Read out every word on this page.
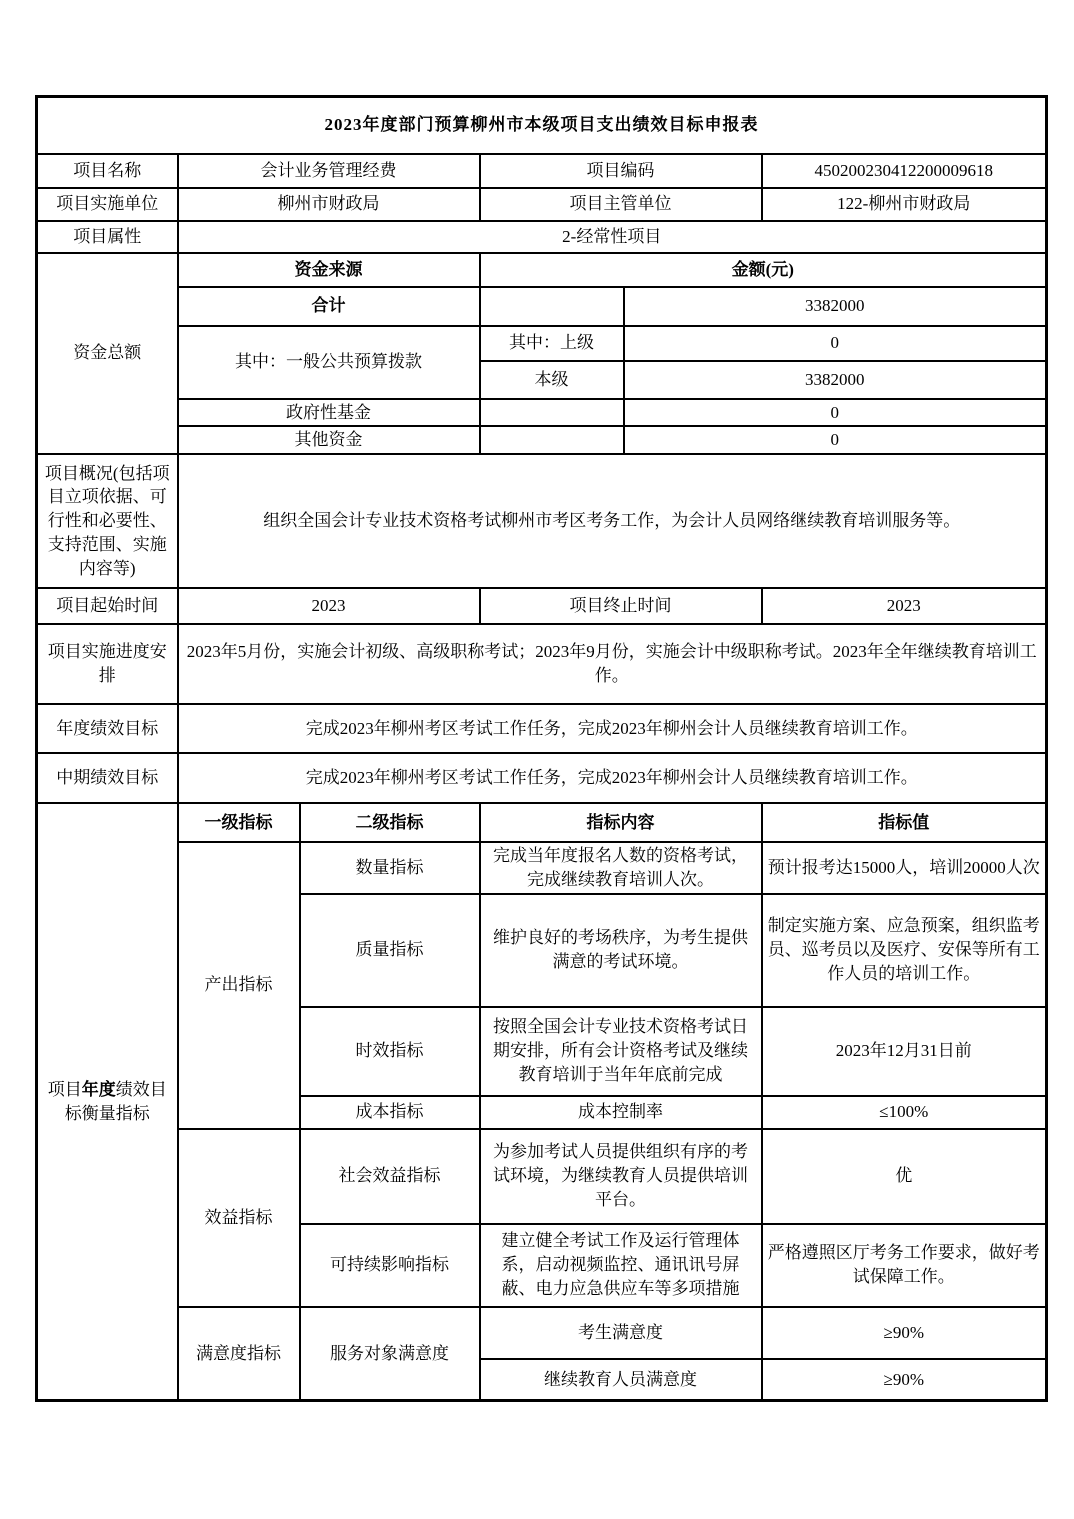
2023年度部门预算柳州市本级项目支出绩效目标申报表					
项目名称	会计业务管理经费		项目编码		450200230412200009618
项目实施单位	柳州市财政局		项目主管单位		122-柳州市财政局
项目属性	2-经常性项目				
资金总额	资金来源		金额(元)		
	合计			3382000	
	其中：一般公共预算拨款		其中：上级	0	
			本级	3382000	
	政府性基金			0	
	其他资金			0	
项目概况(包括项目立项依据、可行性和必要性、支持范围、实施内容等)	组织全国会计专业技术资格考试柳州市考区考务工作，为会计人员网络继续教育培训服务等。				
项目起始时间	2023		项目终止时间		2023
项目实施进度安排	2023年5月份，实施会计初级、高级职称考试；2023年9月份，实施会计中级职称考试。2023年全年继续教育培训工作。				
年度绩效目标	完成2023年柳州考区考试工作任务，完成2023年柳州会计人员继续教育培训工作。				
中期绩效目标	完成2023年柳州考区考试工作任务，完成2023年柳州会计人员继续教育培训工作。				
项目年度绩效目标衡量指标	一级指标	二级指标	指标内容		指标值
	产出指标	数量指标	完成当年度报名人数的资格考试，完成继续教育培训人次。		预计报考达15000人，培训20000人次
		质量指标	维护良好的考场秩序，为考生提供满意的考试环境。		制定实施方案、应急预案，组织监考员、巡考员以及医疗、安保等所有工作人员的培训工作。
		时效指标	按照全国会计专业技术资格考试日期安排，所有会计资格考试及继续教育培训于当年年底前完成		2023年12月31日前
		成本指标	成本控制率		≤100%
	效益指标	社会效益指标	为参加考试人员提供组织有序的考试环境，为继续教育人员提供培训平台。		优
		可持续影响指标	建立健全考试工作及运行管理体系，启动视频监控、通讯讯号屏蔽、电力应急供应车等多项措施		严格遵照区厅考务工作要求，做好考试保障工作。
	满意度指标	服务对象满意度	考生满意度		≥90%
			继续教育人员满意度		≥90%
